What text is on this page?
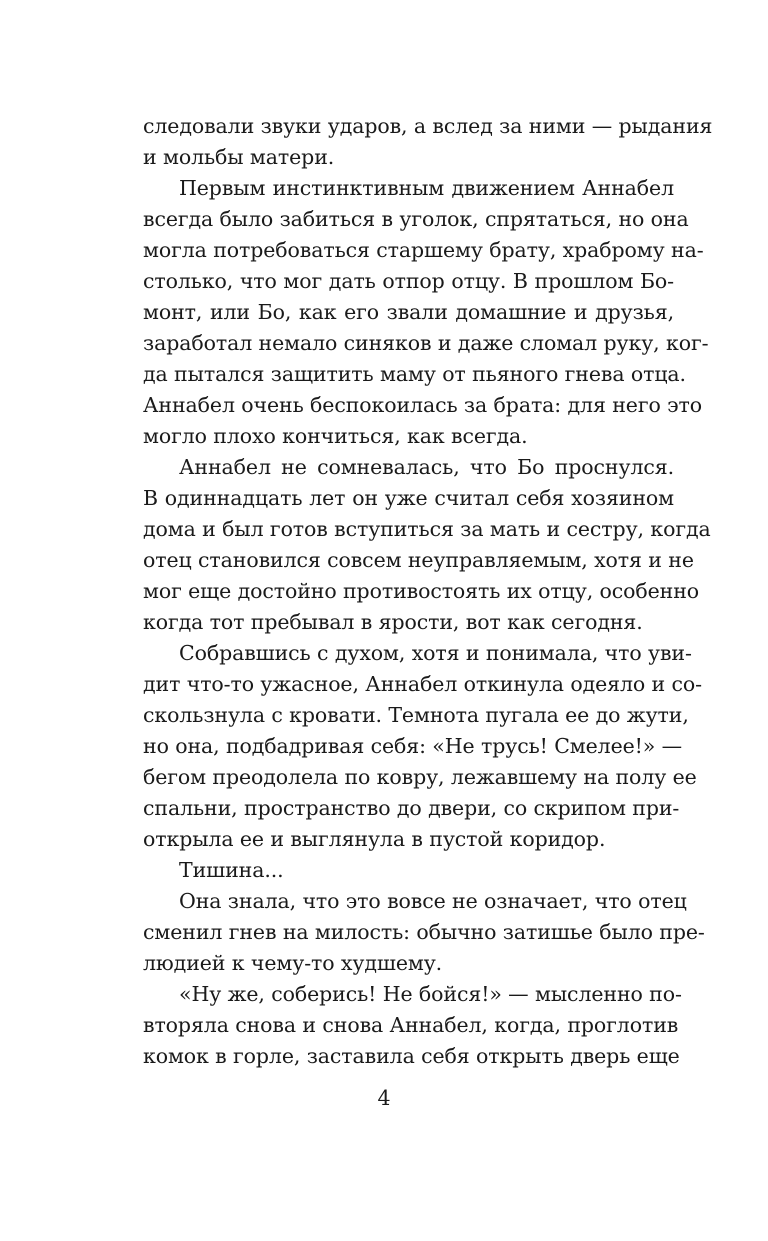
следовали звуки ударов, а вслед за ними — рыдания
и мольбы матери.
Первым инстинктивным движением Аннабел
всегда было забиться в уголок, спрятаться, но она
могла потребоваться старшему брату, храброму на-
столько, что мог дать отпор отцу. В прошлом Бо-
монт, или Бо, как его звали домашние и друзья,
заработал немало синяков и даже сломал руку, ког-
да пытался защитить маму от пьяного гнева отца.
Аннабел очень беспокоилась за брата: для него это
могло плохо кончиться, как всегда.
Аннабел не сомневалась, что Бо проснулся.
В одиннадцать лет он уже считал себя хозяином
дома и был готов вступиться за мать и сестру, когда
отец становился совсем неуправляемым, хотя и не
мог еще достойно противостоять их отцу, особенно
когда тот пребывал в ярости, вот как сегодня.
Собравшись с духом, хотя и понимала, что уви-
дит что-то ужасное, Аннабел откинула одеяло и со-
скользнула с кровати. Темнота пугала ее до жути,
но она, подбадривая себя: «Не трусь! Смелее!» —
бегом преодолела по ковру, лежавшему на полу ее
спальни, пространство до двери, со скрипом при-
открыла ее и выглянула в пустой коридор.
Тишина...
Она знала, что это вовсе не означает, что отец
сменил гнев на милость: обычно затишье было пре-
людией к чему-то худшему.
«Ну же, соберись! Не бойся!» — мысленно по-
вторяла снова и снова Аннабел, когда, проглотив
комок в горле, заставила себя открыть дверь еще
4
